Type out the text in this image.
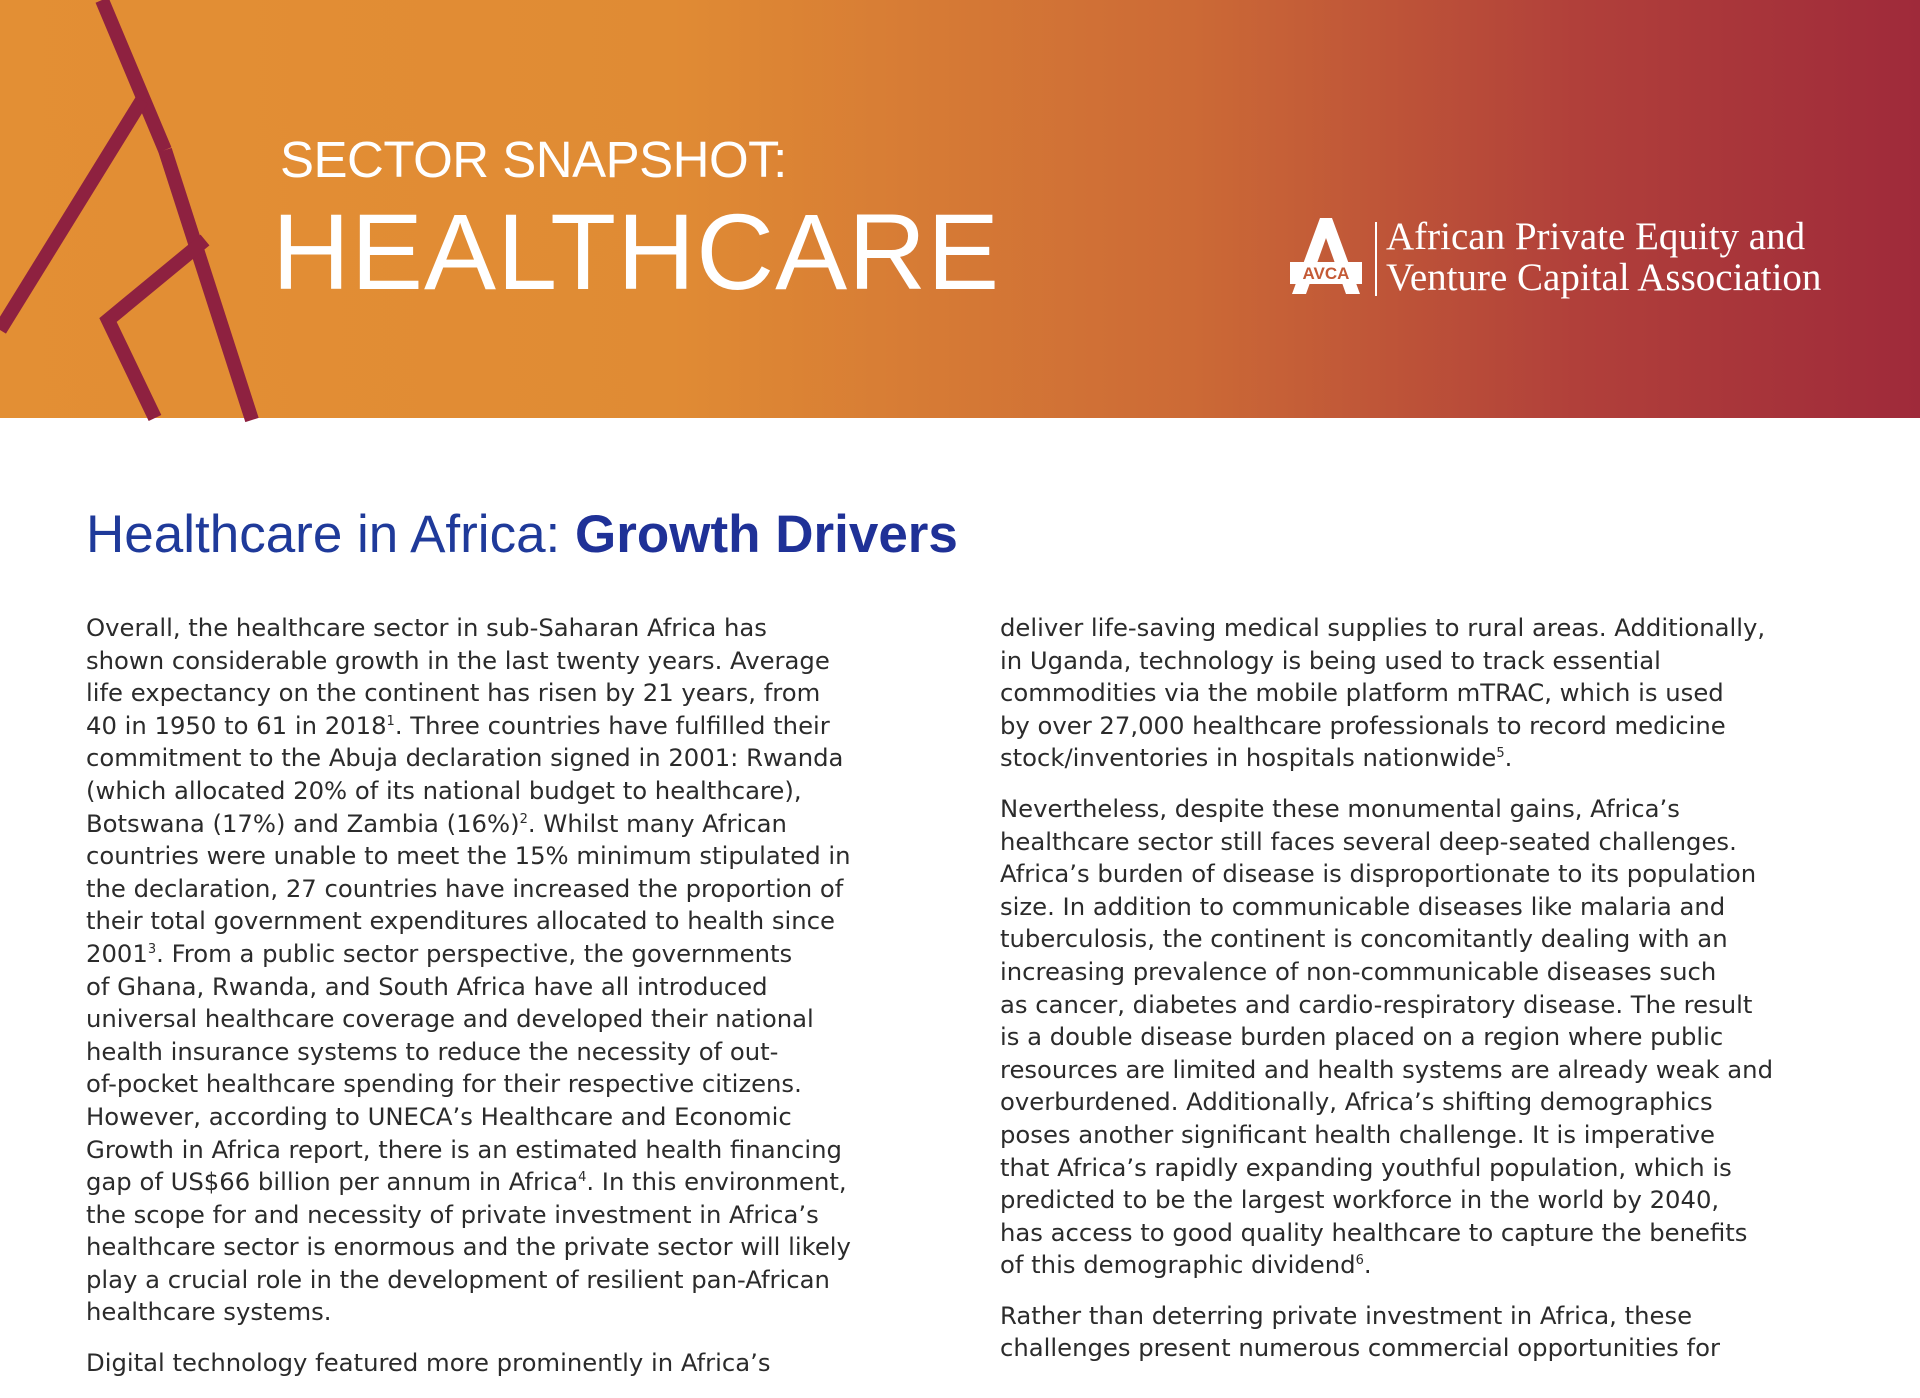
SECTOR SNAPSHOT:
HEALTHCARE	AVCA
African Private Equity and
Venture Capital Association
Healthcare in Africa: Growth Drivers

Overall, the healthcare sector in sub-Saharan Africa has
shown considerable growth in the last twenty years. Average
life expectancy on the continent has risen by 21 years, from
40 in 1950 to 61 in 2018$^1$. Three countries have fulfilled their
commitment to the Abuja declaration signed in 2001: Rwanda
(which allocated 20% of its national budget to healthcare),
Botswana (17%) and Zambia $(16\%)^2$. Whilst many African
countries were unable to meet the 15% minimum stipulated in
the declaration, 27 countries have increased the proportion of
their total government expenditures allocated to health since
2001$^3$. From a public sector perspective, the governments
of Ghana, Rwanda, and South Africa have all introduced
universal healthcare coverage and developed their national
health insurance systems to reduce the necessity of out-
of-pocket healthcare spending for their respective citizens.
However, according to UNECA’s Healthcare and Economic
Growth in Africa report, there is an estimated health financing
gap of US$66 billion per annum in Africa$^4$. In this environment,
the scope for and necessity of private investment in Africa’s
healthcare sector is enormous and the private sector will likely
play a crucial role in the development of resilient pan-African
healthcare systems.

Digital technology featured more prominently in Africa’s

deliver life-saving medical supplies to rural areas. Additionally,
in Uganda, technology is being used to track essential
commodities via the mobile platform mTRAC, which is used
by over 27,000 healthcare professionals to record medicine
stock/inventories in hospitals nationwide$^5$.

Nevertheless, despite these monumental gains, Africa’s
healthcare sector still faces several deep-seated challenges.
Africa’s burden of disease is disproportionate to its population
size. In addition to communicable diseases like malaria and
tuberculosis, the continent is concomitantly dealing with an
increasing prevalence of non-communicable diseases such
as cancer, diabetes and cardio-respiratory disease. The result
is a double disease burden placed on a region where public
resources are limited and health systems are already weak and
overburdened. Additionally, Africa’s shifting demographics
poses another significant health challenge. It is imperative
that Africa’s rapidly expanding youthful population, which is
predicted to be the largest workforce in the world by 2040,
has access to good quality healthcare to capture the benefits
of this demographic dividend$^6$.

Rather than deterring private investment in Africa, these
challenges present numerous commercial opportunities for
